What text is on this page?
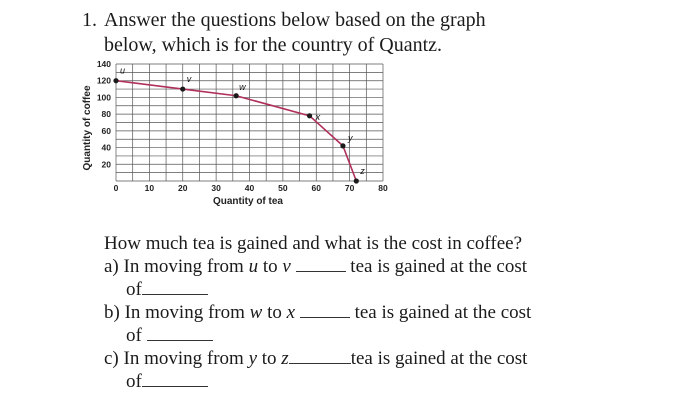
1. Answer the questions below based on the graph
below, which is for the country of Quantz.
0	10	20	30	40	50	60	70	80
20
40
60
80
100
120
140
u
v
w
x
y
z
Quantity of tea
Quantity of coffee
How much tea is gained and what is the cost in coffee?
a) In moving from u to v	tea is gained at the cost
of
b) In moving from w to x	tea is gained at the cost
of
c) In moving from y to z	tea is gained at the cost
of
